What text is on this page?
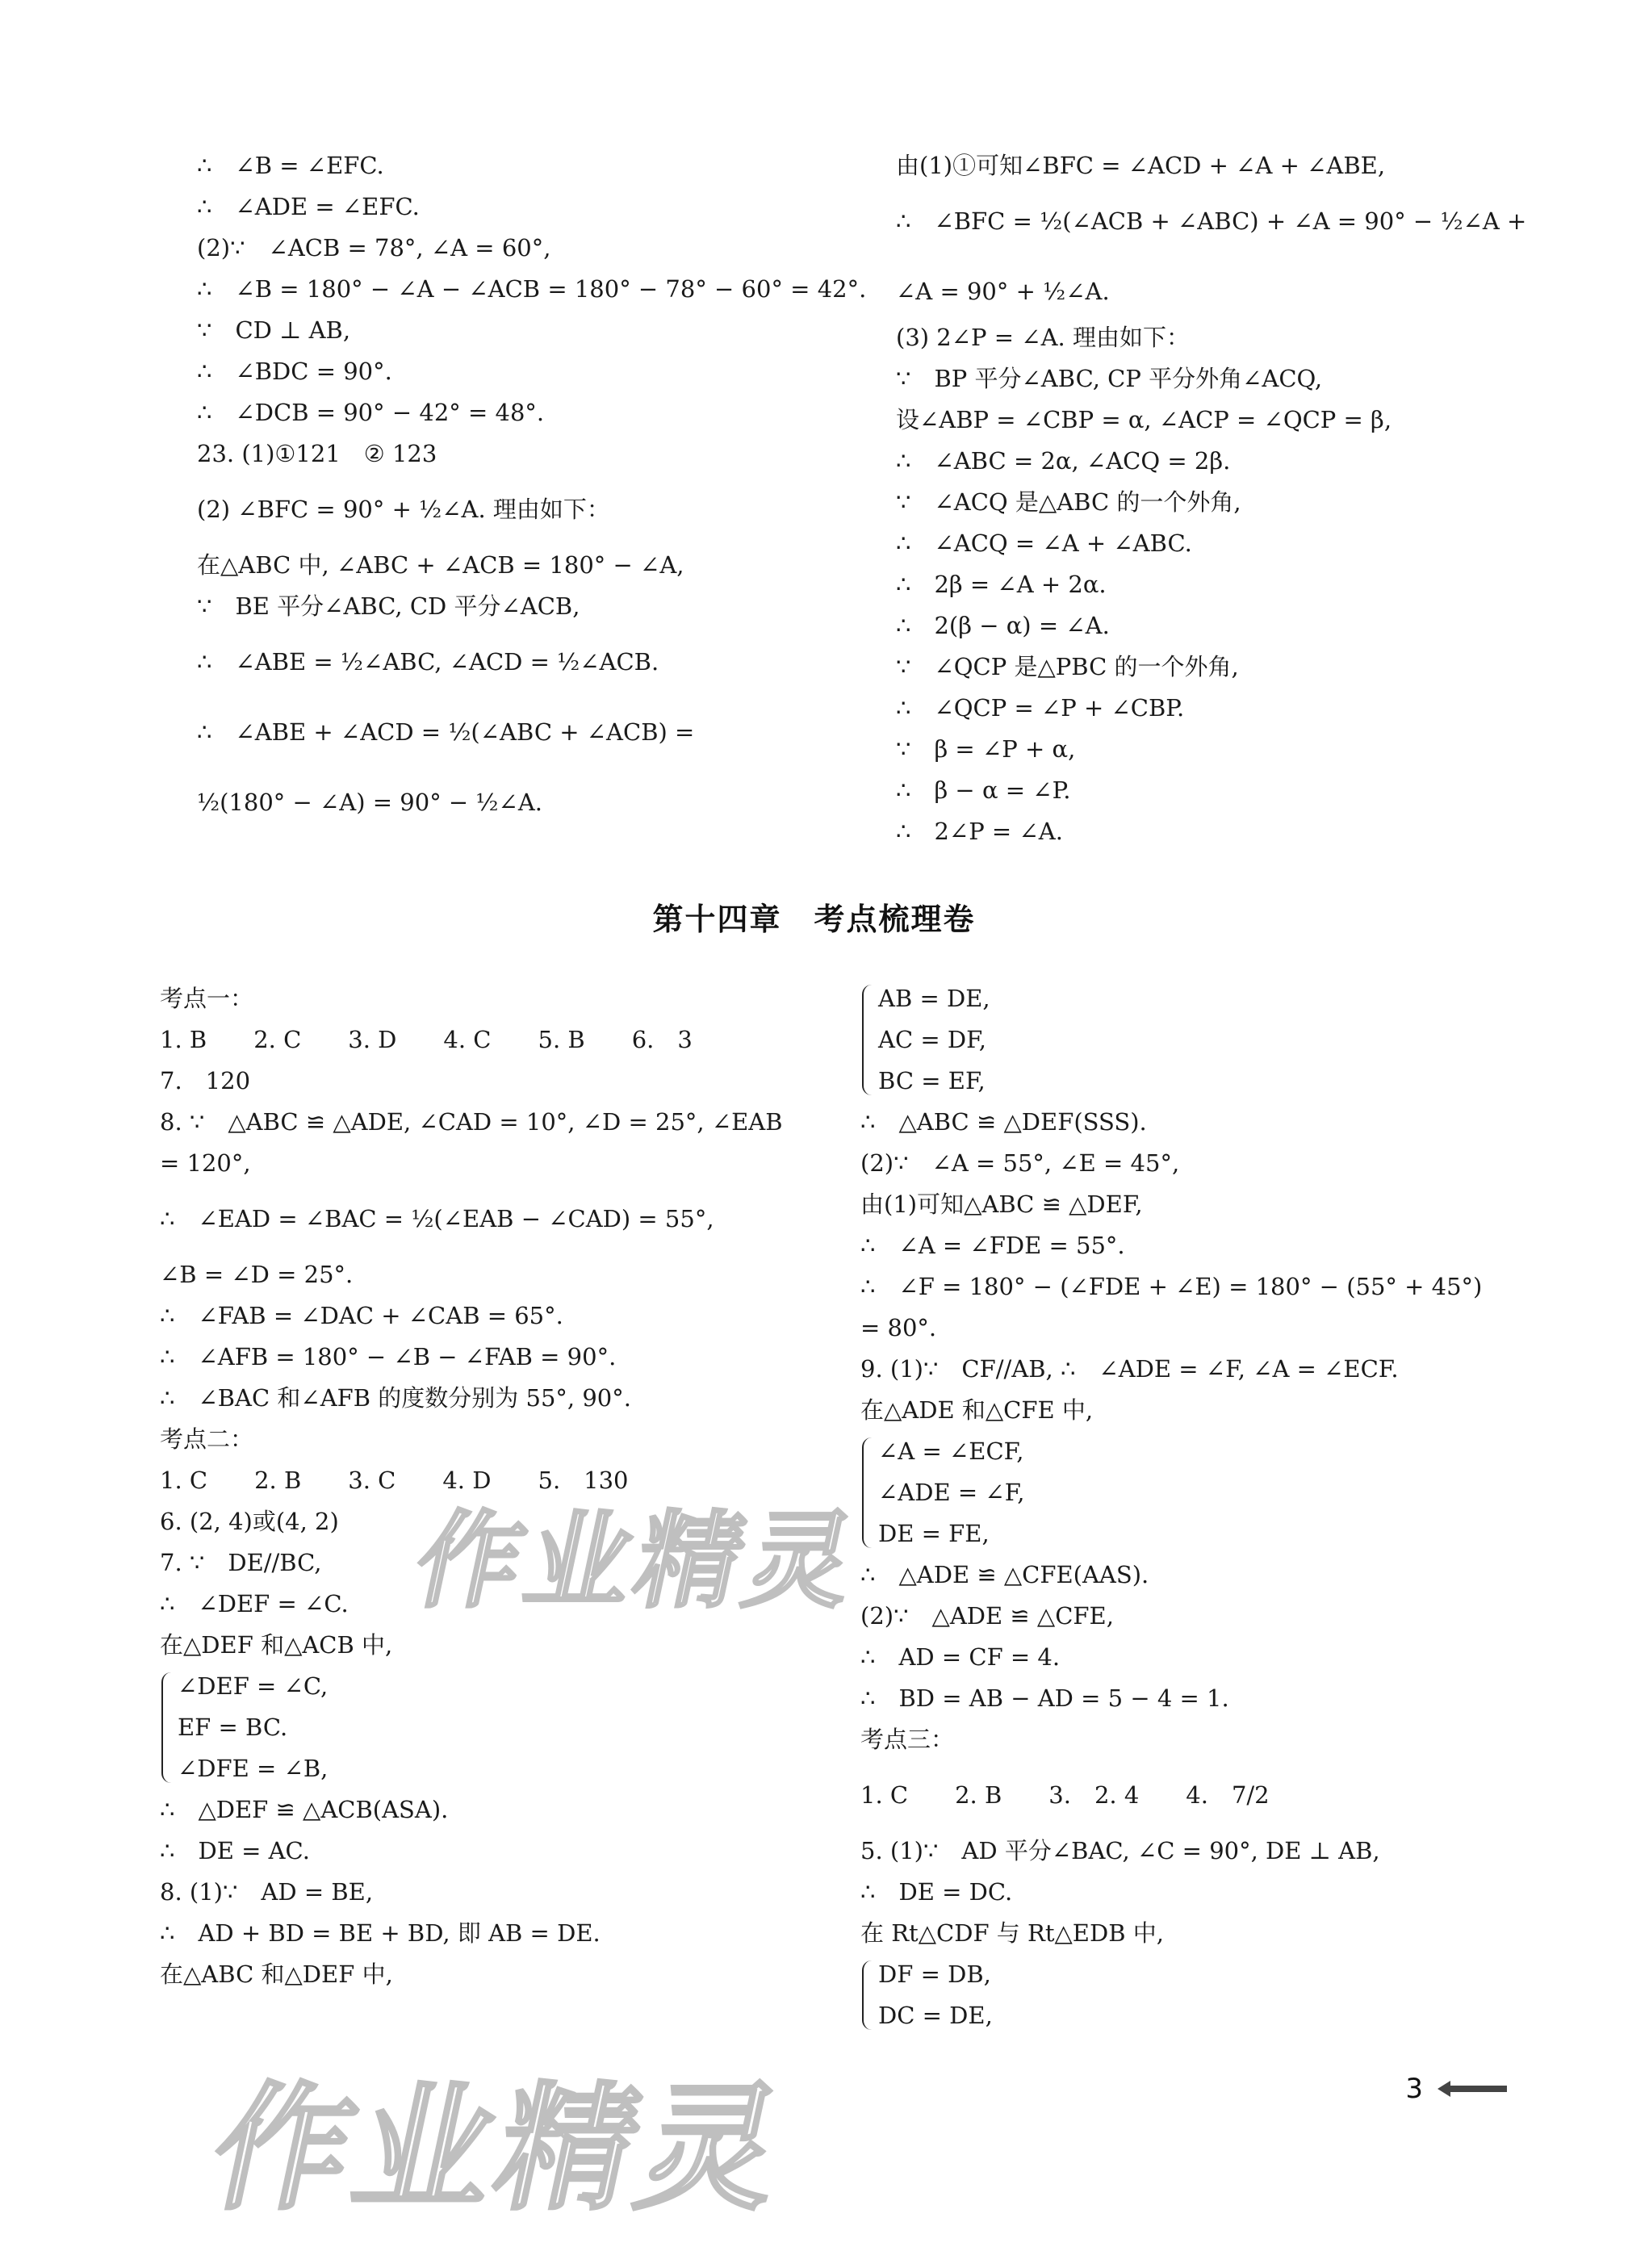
∴　∠B = ∠EFC.

∴　∠ADE = ∠EFC.

(2)∵　∠ACB = 78°, ∠A = 60°,

∴　∠B = 180° − ∠A − ∠ACB = 180° − 78° − 60° = 42°.

∵　CD ⊥ AB,

∴　∠BDC = 90°.

∴　∠DCB = 90° − 42° = 48°.

23. (1)①121　② 123

(2) ∠BFC = 90° + ½∠A. 理由如下：

在△ABC 中, ∠ABC + ∠ACB = 180° − ∠A,

∵　BE 平分∠ABC, CD 平分∠ACB,

∴　∠ABE = ½∠ABC, ∠ACD = ½∠ACB.

∴　∠ABE + ∠ACD = ½(∠ABC + ∠ACB) =

½(180° − ∠A) = 90° − ½∠A.

由(1)①可知∠BFC = ∠ACD + ∠A + ∠ABE,

∴　∠BFC = ½(∠ACB + ∠ABC) + ∠A = 90° − ½∠A +

∠A = 90° + ½∠A.

(3) 2∠P = ∠A. 理由如下：

∵　BP 平分∠ABC, CP 平分外角∠ACQ,

设∠ABP = ∠CBP = α, ∠ACP = ∠QCP = β,

∴　∠ABC = 2α, ∠ACQ = 2β.

∵　∠ACQ 是△ABC 的一个外角,

∴　∠ACQ = ∠A + ∠ABC.

∴　2β = ∠A + 2α.

∴　2(β − α) = ∠A.

∵　∠QCP 是△PBC 的一个外角,

∴　∠QCP = ∠P + ∠CBP.

∵　β = ∠P + α,

∴　β − α = ∠P.

∴　2∠P = ∠A.

第十四章　考点梳理卷

考点一：

1. B　　2. C　　3. D　　4. C　　5. B　　6.　3

7.　120

8. ∵　△ABC ≌ △ADE, ∠CAD = 10°, ∠D = 25°, ∠EAB

= 120°,

∴　∠EAD = ∠BAC = ½(∠EAB − ∠CAD) = 55°,

∠B = ∠D = 25°.

∴　∠FAB = ∠DAC + ∠CAB = 65°.

∴　∠AFB = 180° − ∠B − ∠FAB = 90°.

∴　∠BAC 和∠AFB 的度数分别为 55°, 90°.

考点二：

1. C　　2. B　　3. C　　4. D　　5.　130

6. (2, 4)或(4, 2)

7. ∵　DE//BC,

∴　∠DEF = ∠C.

在△DEF 和△ACB 中,

∠DEF = ∠C,

EF = BC.

∠DFE = ∠B,

∴　△DEF ≌ △ACB(ASA).

∴　DE = AC.

8. (1)∵　AD = BE,

∴　AD + BD = BE + BD, 即 AB = DE.

在△ABC 和△DEF 中,

AB = DE,

AC = DF,

BC = EF,

∴　△ABC ≌ △DEF(SSS).

(2)∵　∠A = 55°, ∠E = 45°,

由(1)可知△ABC ≌ △DEF,

∴　∠A = ∠FDE = 55°.

∴　∠F = 180° − (∠FDE + ∠E) = 180° − (55° + 45°)

= 80°.

9. (1)∵　CF//AB, ∴　∠ADE = ∠F, ∠A = ∠ECF.

在△ADE 和△CFE 中,

∠A = ∠ECF,

∠ADE = ∠F,

DE = FE,

∴　△ADE ≌ △CFE(AAS).

(2)∵　△ADE ≌ △CFE,

∴　AD = CF = 4.

∴　BD = AB − AD = 5 − 4 = 1.

考点三：

1. C　　2. B　　3.　2. 4　　4.　7/2

5. (1)∵　AD 平分∠BAC, ∠C = 90°, DE ⊥ AB,

∴　DE = DC.

在 Rt△CDF 与 Rt△EDB 中,

DF = DB,

DC = DE,

作业精灵
作业精灵	3
